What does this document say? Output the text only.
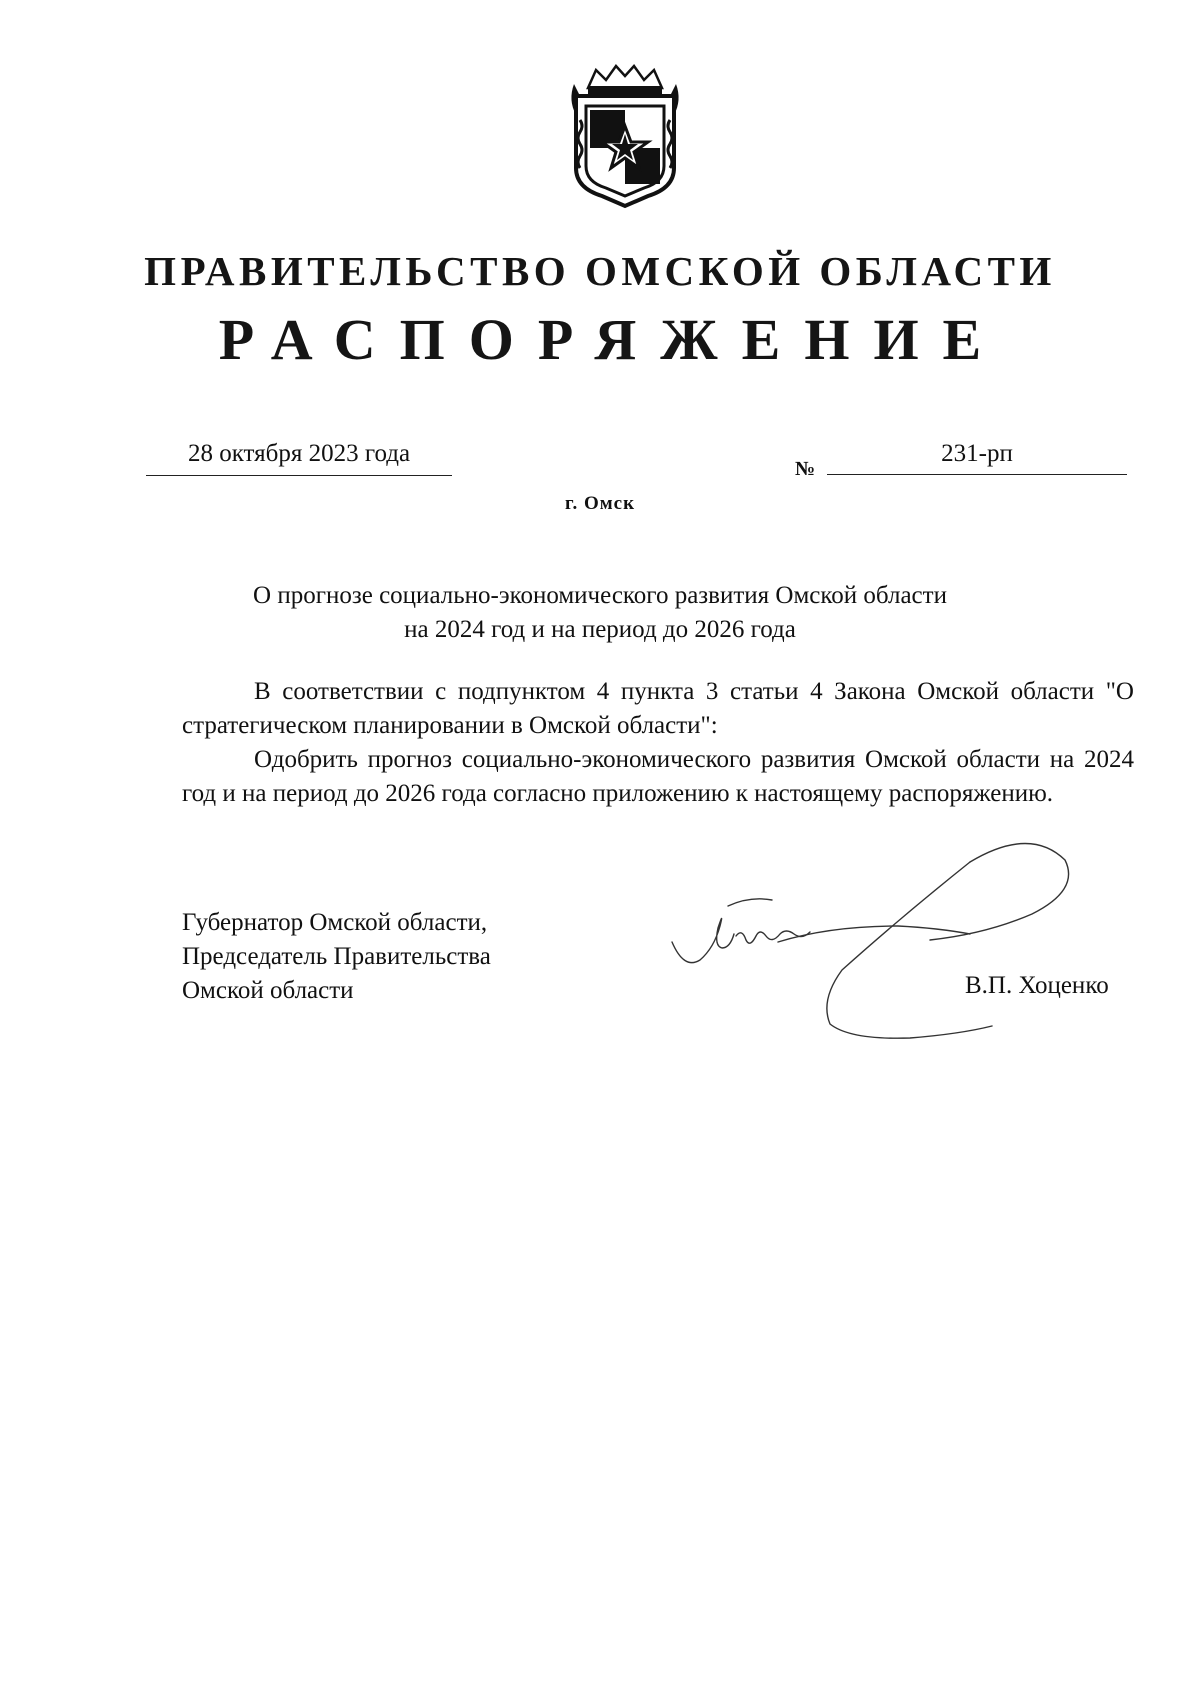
ПРАВИТЕЛЬСТВО ОМСКОЙ ОБЛАСТИ
РАСПОРЯЖЕНИЕ
28 октября 2023 года
№
231-рп
г. Омск
О прогнозе социально-экономического развития Омской области
на 2024 год и на период до 2026 года

В соответствии с подпунктом 4 пункта 3 статьи 4 Закона Омской области "О стратегическом планировании в Омской области":

Одобрить прогноз социально-экономического развития Омской области на 2024 год и на период до 2026 года согласно приложению к настоящему распоряжению.

Губернатор Омской области,
Председатель Правительства
Омской области	В.П. Хоценко
